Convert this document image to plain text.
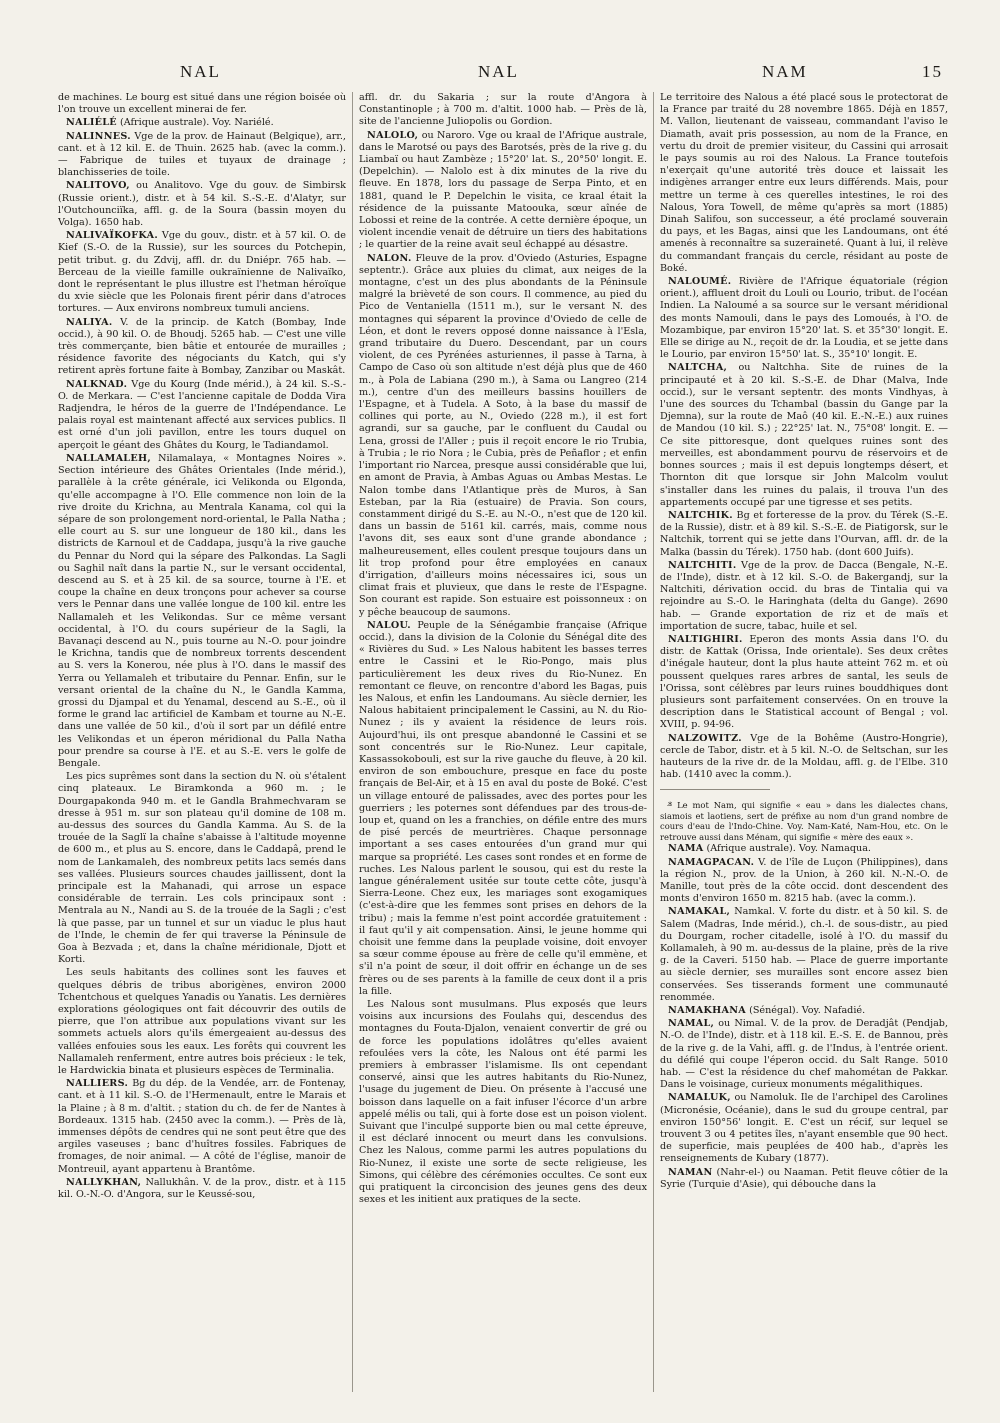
NAL	NAL	NAM	15

de machines. Le bourg est situé dans une région boisée où l'on trouve un excellent minerai de fer.

NALIÉLÉ (Afrique australe). Voy. Nariélé.

NALINNES. Vge de la prov. de Hainaut (Belgique), arr., cant. et à 12 kil. E. de Thuin. 2625 hab. (avec la comm.). — Fabrique de tuiles et tuyaux de drainage ; blanchisseries de toile.

NALITOVO, ou Analitovo. Vge du gouv. de Simbirsk (Russie orient.), distr. et à 54 kil. S.-S.-E. d'Alatyr, sur l'Outchounciïka, affl. g. de la Soura (bassin moyen du Volga). 1650 hab.

NALIVAÏKOFKA. Vge du gouv., distr. et à 57 kil. O. de Kief (S.-O. de la Russie), sur les sources du Potchepin, petit tribut. g. du Zdvij, affl. dr. du Dniépr. 765 hab. — Berceau de la vieille famille oukraïnienne de Nalivaïko, dont le représentant le plus illustre est l'hetman héroïque du xvie siècle que les Polonais firent périr dans d'atroces tortures. — Aux environs nombreux tumuli anciens.

NALIYA. V. de la princip. de Katch (Bombay, Inde occid.), à 90 kil. O. de Bhoudj. 5265 hab. — C'est une ville très commerçante, bien bâtie et entourée de murailles ; résidence favorite des négociants du Katch, qui s'y retirent après fortune faite à Bombay, Zanzibar ou Maskât.

NALKNAD. Vge du Kourg (Inde mérid.), à 24 kil. S.-S.-O. de Merkara. — C'est l'ancienne capitale de Dodda Vira Radjendra, le héros de la guerre de l'Indépendance. Le palais royal est maintenant affecté aux services publics. Il est orné d'un joli pavillon, entre les tours duquel on aperçoit le géant des Ghâtes du Kourg, le Tadiandamol.

NALLAMALEH, Nilamalaya, « Montagnes Noires ». Section intérieure des Ghâtes Orientales (Inde mérid.), parallèle à la crête générale, ici Velikonda ou Elgonda, qu'elle accompagne à l'O. Elle commence non loin de la rive droite du Krichna, au Mentrala Kanama, col qui la sépare de son prolongement nord-oriental, le Palla Natha ; elle court au S. sur une longueur de 180 kil., dans les districts de Karnoul et de Caddapa, jusqu'à la rive gauche du Pennar du Nord qui la sépare des Palkondas. La Sagli ou Saghil naît dans la partie N., sur le versant occidental, descend au S. et à 25 kil. de sa source, tourne à l'E. et coupe la chaîne en deux tronçons pour achever sa course vers le Pennar dans une vallée longue de 100 kil. entre les Nallamaleh et les Velikondas. Sur ce même versant occidental, à l'O. du cours supérieur de la Sagli, la Bavanaçi descend au N., puis tourne au N.-O. pour joindre le Krichna, tandis que de nombreux torrents descendent au S. vers la Konerou, née plus à l'O. dans le massif des Yerra ou Yellamaleh et tributaire du Pennar. Enfin, sur le versant oriental de la chaîne du N., le Gandla Kamma, grossi du Djampal et du Yenamal, descend au S.-E., où il forme le grand lac artificiel de Kambam et tourne au N.-E. dans une vallée de 50 kil., d'où il sort par un défilé entre les Velikondas et un éperon méridional du Palla Natha pour prendre sa course à l'E. et au S.-E. vers le golfe de Bengale.

Les pics suprêmes sont dans la section du N. où s'étalent cinq plateaux. Le Biramkonda a 960 m. ; le Dourgapakonda 940 m. et le Gandla Brahmechvaram se dresse à 951 m. sur son plateau qu'il domine de 108 m. au-dessus des sources du Gandla Kamma. Au S. de la trouée de la Saglï la chaîne s'abaisse à l'altitude moyenne de 600 m., et plus au S. encore, dans le Caddapâ, prend le nom de Lankamaleh, des nombreux petits lacs semés dans ses vallées. Plusieurs sources chaudes jaillissent, dont la principale est la Mahanadi, qui arrose un espace considérable de terrain. Les cols principaux sont : Mentrala au N., Nandi au S. de la trouée de la Sagli ; c'est là que passe, par un tunnel et sur un viaduc le plus haut de l'Inde, le chemin de fer qui traverse la Péninsule de Goa à Bezvada ; et, dans la chaîne méridionale, Djott et Korti.

Les seuls habitants des collines sont les fauves et quelques débris de tribus aborigènes, environ 2000 Tchentchous et quelques Yanadis ou Yanatis. Les dernières explorations géologiques ont fait découvrir des outils de pierre, que l'on attribue aux populations vivant sur les sommets actuels alors qu'ils émergeaient au-dessus des vallées enfouies sous les eaux. Les forêts qui couvrent les Nallamaleh renferment, entre autres bois précieux : le tek, le Hardwickia binata et plusieurs espèces de Terminalia.

NALLIERS. Bg du dép. de la Vendée, arr. de Fontenay, cant. et à 11 kil. S.-O. de l'Hermenault, entre le Marais et la Plaine ; à 8 m. d'altit. ; station du ch. de fer de Nantes à Bordeaux. 1315 hab. (2450 avec la comm.). — Près de là, immenses dépôts de cendres qui ne sont peut être que des argiles vaseuses ; banc d'huîtres fossiles. Fabriques de fromages, de noir animal. — A côté de l'église, manoir de Montreuil, ayant appartenu à Brantôme.

NALLYKHAN, Nallukhân. V. de la prov., distr. et à 115 kil. O.-N.-O. d'Angora, sur le Keussé-sou,

affl. dr. du Sakaria ; sur la route d'Angora à Constantinople ; à 700 m. d'altit. 1000 hab. — Près de là, site de l'ancienne Juliopolis ou Gordion.

NALOLO, ou Naroro. Vge ou kraal de l'Afrique australe, dans le Marotsé ou pays des Barotsés, près de la rive g. du Liambaï ou haut Zambèze ; 15°20' lat. S., 20°50' longit. E. (Depelchin). — Nalolo est à dix minutes de la rive du fleuve. En 1878, lors du passage de Serpa Pinto, et en 1881, quand le P. Depelchin le visita, ce kraal était la résidence de la puissante Matoouka, sœur aînée de Lobossi et reine de la contrée. A cette dernière époque, un violent incendie venait de détruire un tiers des habitations ; le quartier de la reine avait seul échappé au désastre.

NALON. Fleuve de la prov. d'Oviedo (Asturies, Espagne septentr.). Grâce aux pluies du climat, aux neiges de la montagne, c'est un des plus abondants de la Péninsule malgré la brièveté de son cours. Il commence, au pied du Pico de Ventaniella (1511 m.), sur le versant N. des montagnes qui séparent la province d'Oviedo de celle de Léon, et dont le revers opposé donne naissance à l'Esla, grand tributaire du Duero. Descendant, par un cours violent, de ces Pyrénées asturiennes, il passe à Tarna, à Campo de Caso où son altitude n'est déjà plus que de 460 m., à Pola de Labiana (290 m.), à Sama ou Langreo (214 m.), centre d'un des meilleurs bassins houillers de l'Espagne, et à Tudela. A Soto, à la base du massif de collines qui porte, au N., Oviedo (228 m.), il est fort agrandi, sur sa gauche, par le confluent du Caudal ou Lena, grossi de l'Aller ; puis il reçoit encore le rio Trubia, à Trubia ; le rio Nora ; le Cubia, près de Peñaflor ; et enfin l'important rio Narcea, presque aussi considérable que lui, en amont de Pravia, à Ambas Aguas ou Ambas Mestas. Le Nalon tombe dans l'Atlantique près de Muros, à San Esteban, par la Ria (estuaire) de Pravia. Son cours, constamment dirigé du S.-E. au N.-O., n'est que de 120 kil. dans un bassin de 5161 kil. carrés, mais, comme nous l'avons dit, ses eaux sont d'une grande abondance ; malheureusement, elles coulent presque toujours dans un lit trop profond pour être employées en canaux d'irrigation, d'ailleurs moins nécessaires ici, sous un climat frais et pluvieux, que dans le reste de l'Espagne. Son courant est rapide. Son estuaire est poissonneux : on y pêche beaucoup de saumons.

NALOU. Peuple de la Sénégambie française (Afrique occid.), dans la division de la Colonie du Sénégal dite des « Rivières du Sud. » Les Nalous habitent les basses terres entre le Cassini et le Rio-Pongo, mais plus particulièrement les deux rives du Rio-Nunez. En remontant ce fleuve, on rencontre d'abord les Bagas, puis les Nalous, et enfin les Landoumans. Au siècle dernier, les Nalous habitaient principalement le Cassini, au N. du Rio-Nunez ; ils y avaient la résidence de leurs rois. Aujourd'hui, ils ont presque abandonné le Cassini et se sont concentrés sur le Rio-Nunez. Leur capitale, Kassassokobouli, est sur la rive gauche du fleuve, à 20 kil. environ de son embouchure, presque en face du poste français de Bel-Air, et à 15 en aval du poste de Boké. C'est un village entouré de palissades, avec des portes pour les guerriers ; les poternes sont défendues par des trous-de-loup et, quand on les a franchies, on défile entre des murs de pisé percés de meurtrières. Chaque personnage important a ses cases entourées d'un grand mur qui marque sa propriété. Les cases sont rondes et en forme de ruches. Les Nalous parlent le sousou, qui est du reste la langue généralement usitée sur toute cette côte, jusqu'à Sierra-Leone. Chez eux, les mariages sont exogamiques (c'est-à-dire que les femmes sont prises en dehors de la tribu) ; mais la femme n'est point accordée gratuitement : il faut qu'il y ait compensation. Ainsi, le jeune homme qui choisit une femme dans la peuplade voisine, doit envoyer sa sœur comme épouse au frère de celle qu'il emmène, et s'il n'a point de sœur, il doit offrir en échange un de ses frères ou de ses parents à la famille de ceux dont il a pris la fille.

Les Nalous sont musulmans. Plus exposés que leurs voisins aux incursions des Foulahs qui, descendus des montagnes du Fouta-Djalon, venaient convertir de gré ou de force les populations idolâtres qu'elles avaient refoulées vers la côte, les Nalous ont été parmi les premiers à embrasser l'islamisme. Ils ont cependant conservé, ainsi que les autres habitants du Rio-Nunez, l'usage du jugement de Dieu. On présente à l'accusé une boisson dans laquelle on a fait infuser l'écorce d'un arbre appelé mélis ou tali, qui à forte dose est un poison violent. Suivant que l'inculpé supporte bien ou mal cette épreuve, il est déclaré innocent ou meurt dans les convulsions. Chez les Nalous, comme parmi les autres populations du Rio-Nunez, il existe une sorte de secte religieuse, les Simons, qui célèbre des cérémonies occultes. Ce sont eux qui pratiquent la circoncision des jeunes gens des deux sexes et les initient aux pratiques de la secte.

Le territoire des Nalous a été placé sous le protectorat de la France par traité du 28 novembre 1865. Déjà en 1857, M. Vallon, lieutenant de vaisseau, commandant l'aviso le Diamath, avait pris possession, au nom de la France, en vertu du droit de premier visiteur, du Cassini qui arrosait le pays soumis au roi des Nalous. La France toutefois n'exerçait qu'une autorité très douce et laissait les indigènes arranger entre eux leurs différends. Mais, pour mettre un terme à ces querelles intestines, le roi des Nalous, Yora Towell, de même qu'après sa mort (1885) Dinah Salifou, son successeur, a été proclamé souverain du pays, et les Bagas, ainsi que les Landoumans, ont été amenés à reconnaître sa suzeraineté. Quant à lui, il relève du commandant français du cercle, résidant au poste de Boké.

NALOUMÉ. Rivière de l'Afrique équatoriale (région orient.), affluent droit du Louli ou Lourio, tribut. de l'océan Indien. La Naloumé a sa source sur le versant méridional des monts Namouli, dans le pays des Lomoués, à l'O. de Mozambique, par environ 15°20' lat. S. et 35°30' longit. E. Elle se dirige au N., reçoit de dr. la Loudia, et se jette dans le Lourio, par environ 15°50' lat. S., 35°10' longit. E.

NALTCHA, ou Naltchha. Site de ruines de la principauté et à 20 kil. S.-S.-E. de Dhar (Malva, Inde occid.), sur le versant septentr. des monts Vindhyas, à l'une des sources du Tchambal (bassin du Gange par la Djemna), sur la route de Maô (40 kil. E.-N.-E.) aux ruines de Mandou (10 kil. S.) ; 22°25' lat. N., 75°08' longit. E. — Ce site pittoresque, dont quelques ruines sont des merveilles, est abondamment pourvu de réservoirs et de bonnes sources ; mais il est depuis longtemps désert, et Thornton dit que lorsque sir John Malcolm voulut s'installer dans les ruines du palais, il trouva l'un des appartements occupé par une tigresse et ses petits.

NALTCHIK. Bg et forteresse de la prov. du Térek (S.-E. de la Russie), distr. et à 89 kil. S.-S.-E. de Piatigorsk, sur le Naltchik, torrent qui se jette dans l'Ourvan, affl. dr. de la Malka (bassin du Térek). 1750 hab. (dont 600 Juifs).

NALTCHITI. Vge de la prov. de Dacca (Bengale, N.-E. de l'Inde), distr. et à 12 kil. S.-O. de Bakergandj, sur la Naltchiti, dérivation occid. du bras de Tintalia qui va rejoindre au S.-O. le Haringhata (delta du Gange). 2690 hab. — Grande exportation de riz et de maïs et importation de sucre, tabac, huile et sel.

NALTIGHIRI. Eperon des monts Assia dans l'O. du distr. de Kattak (Orissa, Inde orientale). Ses deux crêtes d'inégale hauteur, dont la plus haute atteint 762 m. et où poussent quelques rares arbres de santal, les seuls de l'Orissa, sont célèbres par leurs ruines bouddhiques dont plusieurs sont parfaitement conservées. On en trouve la description dans le Statistical account of Bengal ; vol. XVIII, p. 94-96.

NALZOWITZ. Vge de la Bohême (Austro-Hongrie), cercle de Tabor, distr. et à 5 kil. N.-O. de Seltschan, sur les hauteurs de la rive dr. de la Moldau, affl. g. de l'Elbe. 310 hab. (1410 avec la comm.).

*̶ Le mot Nam, qui signifie « eau » dans les dialectes chans, siamois et laotiens, sert de préfixe au nom d'un grand nombre de cours d'eau de l'Indo-Chine. Voy. Nam-Katé, Nam-Hou, etc. On le retrouve aussi dans Ménam, qui signifie « mère des eaux ».

NAMA (Afrique australe). Voy. Namaqua.

NAMAGPACAN. V. de l'île de Luçon (Philippines), dans la région N., prov. de la Union, à 260 kil. N.-N.-O. de Manille, tout près de la côte occid. dont descendent des monts d'environ 1650 m. 8215 hab. (avec la comm.).

NAMAKAL, Namkal. V. forte du distr. et à 50 kil. S. de Salem (Madras, Inde mérid.), ch.-l. de sous-distr., au pied du Dourgam, rocher citadelle, isolé à l'O. du massif du Kollamaleh, à 90 m. au-dessus de la plaine, près de la rive g. de la Caveri. 5150 hab. — Place de guerre importante au siècle dernier, ses murailles sont encore assez bien conservées. Ses tisserands forment une communauté renommée.

NAMAKHANA (Sénégal). Voy. Nafadié.

NAMAL, ou Nimal. V. de la prov. de Deradjât (Pendjab, N.-O. de l'Inde), distr. et à 118 kil. E.-S. E. de Bannou, près de la rive g. de la Vahi, affl. g. de l'Indus, à l'entrée orient. du défilé qui coupe l'éperon occid. du Salt Range. 5010 hab. — C'est la résidence du chef mahométan de Pakkar. Dans le voisinage, curieux monuments mégalithiques.

NAMALUK, ou Namoluk. Ile de l'archipel des Carolines (Micronésie, Océanie), dans le sud du groupe central, par environ 150°56' longit. E. C'est un récif, sur lequel se trouvent 3 ou 4 petites îles, n'ayant ensemble que 90 hect. de superficie, mais peuplées de 400 hab., d'après les renseignements de Kubary (1877).

NAMAN (Nahr-el-) ou Naaman. Petit fleuve côtier de la Syrie (Turquie d'Asie), qui débouche dans la
